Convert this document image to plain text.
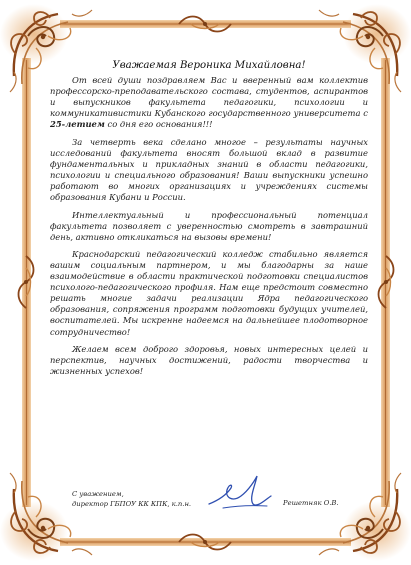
Уважаемая Вероника Михайловна!

От всей души поздравляем Вас и вверенный вам коллектив профессорско-преподавательского состава, студентов, аспирантов и выпускников факультета педагогики, психологии и коммуникативистики Кубанского государственного университета с 25-летием со дня его основания!!!

За четверть века сделано многое – результаты научных исследований факультета вносят большой вклад в развитие фундаментальных и прикладных знаний в области педагогики, психологии и специального образования! Ваши выпускники успешно работают во многих организациях и учреждениях системы образования Кубани и России.

Интеллектуальный и профессиональный потенциал факультета позволяет с уверенностью смотреть в завтрашний день, активно откликаться на вызовы времени!

Краснодарский педагогический колледж стабильно является вашим социальным партнером, и мы благодарны за наше взаимодействие в области практической подготовки специалистов психолого-педагогического профиля. Нам еще предстоит совместно решать многие задачи реализации Ядра педагогического образования, сопряжения программ подготовки будущих учителей, воспитателей. Мы искренне надеемся на дальнейшее плодотворное сотрудничество!

Желаем всем доброго здоровья, новых интересных целей и перспектив, научных достижений, радости творчества и жизненных успехов!

С уважением,
директор ГБПОУ КК КПК, к.п.н.	Решетняк О.В.
